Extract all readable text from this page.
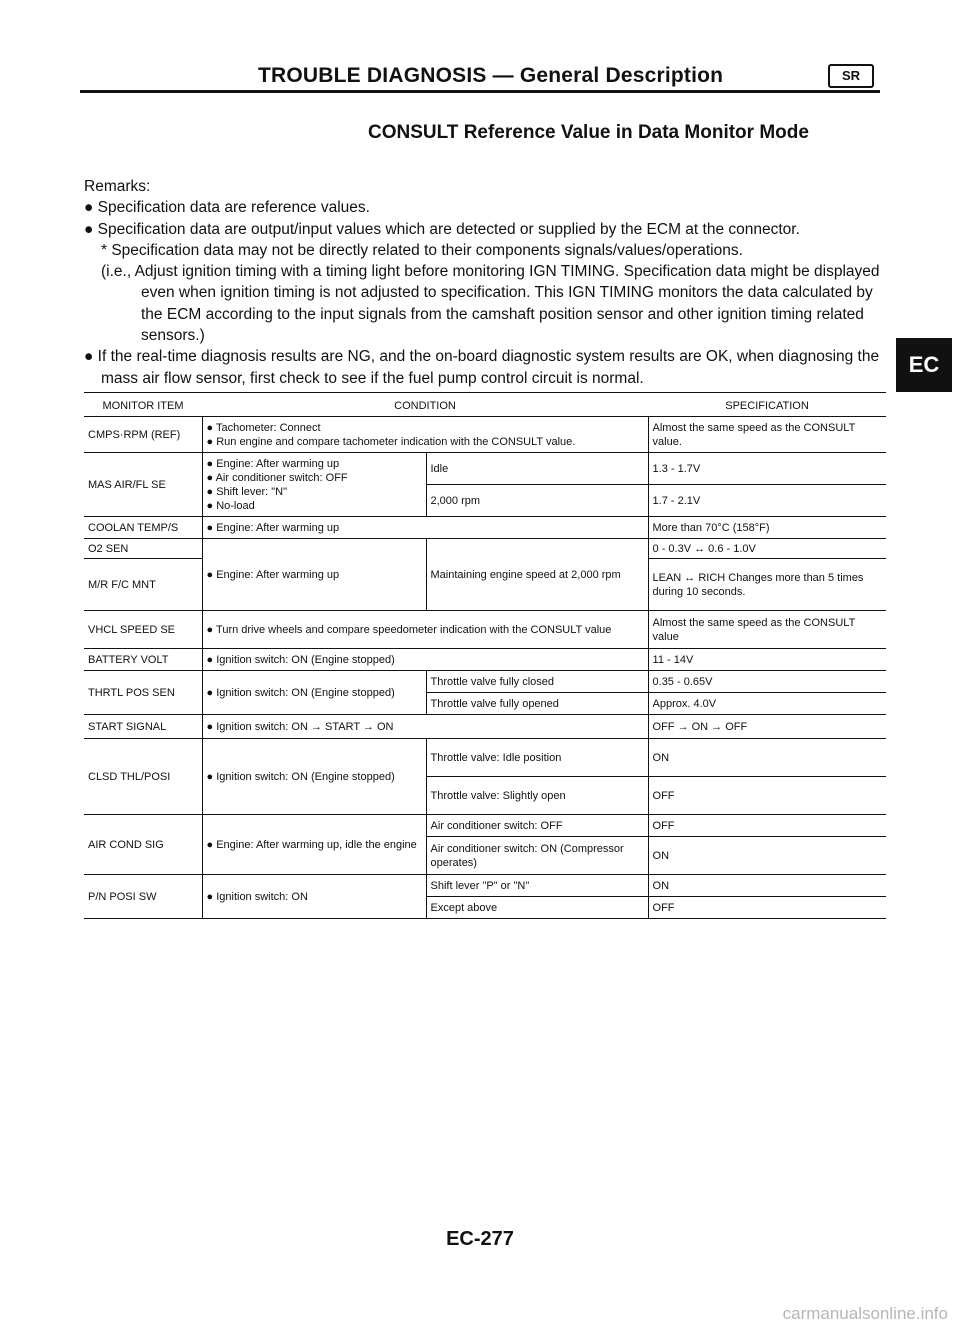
TROUBLE DIAGNOSIS — General Description	SR
CONSULT Reference Value in Data Monitor Mode

Remarks:

● Specification data are reference values.

● Specification data are output/input values which are detected or supplied by the ECM at the connector.

* Specification data may not be directly related to their components signals/values/operations.

(i.e., Adjust ignition timing with a timing light before monitoring IGN TIMING. Specification data might be displayed even when ignition timing is not adjusted to specification. This IGN TIMING monitors the data calculated by the ECM according to the input signals from the camshaft position sensor and other ignition timing related sensors.)

● If the real-time diagnosis results are NG, and the on-board diagnostic system results are OK, when diagnosing the mass air flow sensor, first check to see if the fuel pump control circuit is normal.

EC
MONITOR ITEM	CONDITION		SPECIFICATION
CMPS·RPM (REF)	● Tachometer: Connect

● Run engine and compare tachometer indication with the CONSULT value.		Almost the same speed as the CONSULT value.
MAS AIR/FL SE	● Engine: After warming up

● Air conditioner switch: OFF

● Shift lever: "N"

● No-load	Idle	1.3 - 1.7V
		2,000 rpm	1.7 - 2.1V
COOLAN TEMP/S	● Engine: After warming up		More than 70°C (158°F)
O2 SEN	● Engine: After warming up	Maintaining engine speed at 2,000 rpm	0 - 0.3V ↔ 0.6 - 1.0V
M/R F/C MNT			LEAN ↔ RICH Changes more than 5 times during 10 seconds.
VHCL SPEED SE	● Turn drive wheels and compare speedometer indication with the CONSULT value		Almost the same speed as the CONSULT value
BATTERY VOLT	● Ignition switch: ON (Engine stopped)		11 - 14V
THRTL POS SEN	● Ignition switch: ON (Engine stopped)	Throttle valve fully closed	0.35 - 0.65V
		Throttle valve fully opened	Approx. 4.0V
START SIGNAL	● Ignition switch: ON → START → ON		OFF → ON → OFF
CLSD THL/POSI	● Ignition switch: ON (Engine stopped)	Throttle valve: Idle position	ON
		Throttle valve: Slightly open	OFF
AIR COND SIG	● Engine: After warming up, idle the engine	Air conditioner switch: OFF	OFF
		Air conditioner switch: ON (Compressor operates)	ON
P/N POSI SW	● Ignition switch: ON	Shift lever "P" or "N"	ON
		Except above	OFF
EC-277
carmanualsonline.info
